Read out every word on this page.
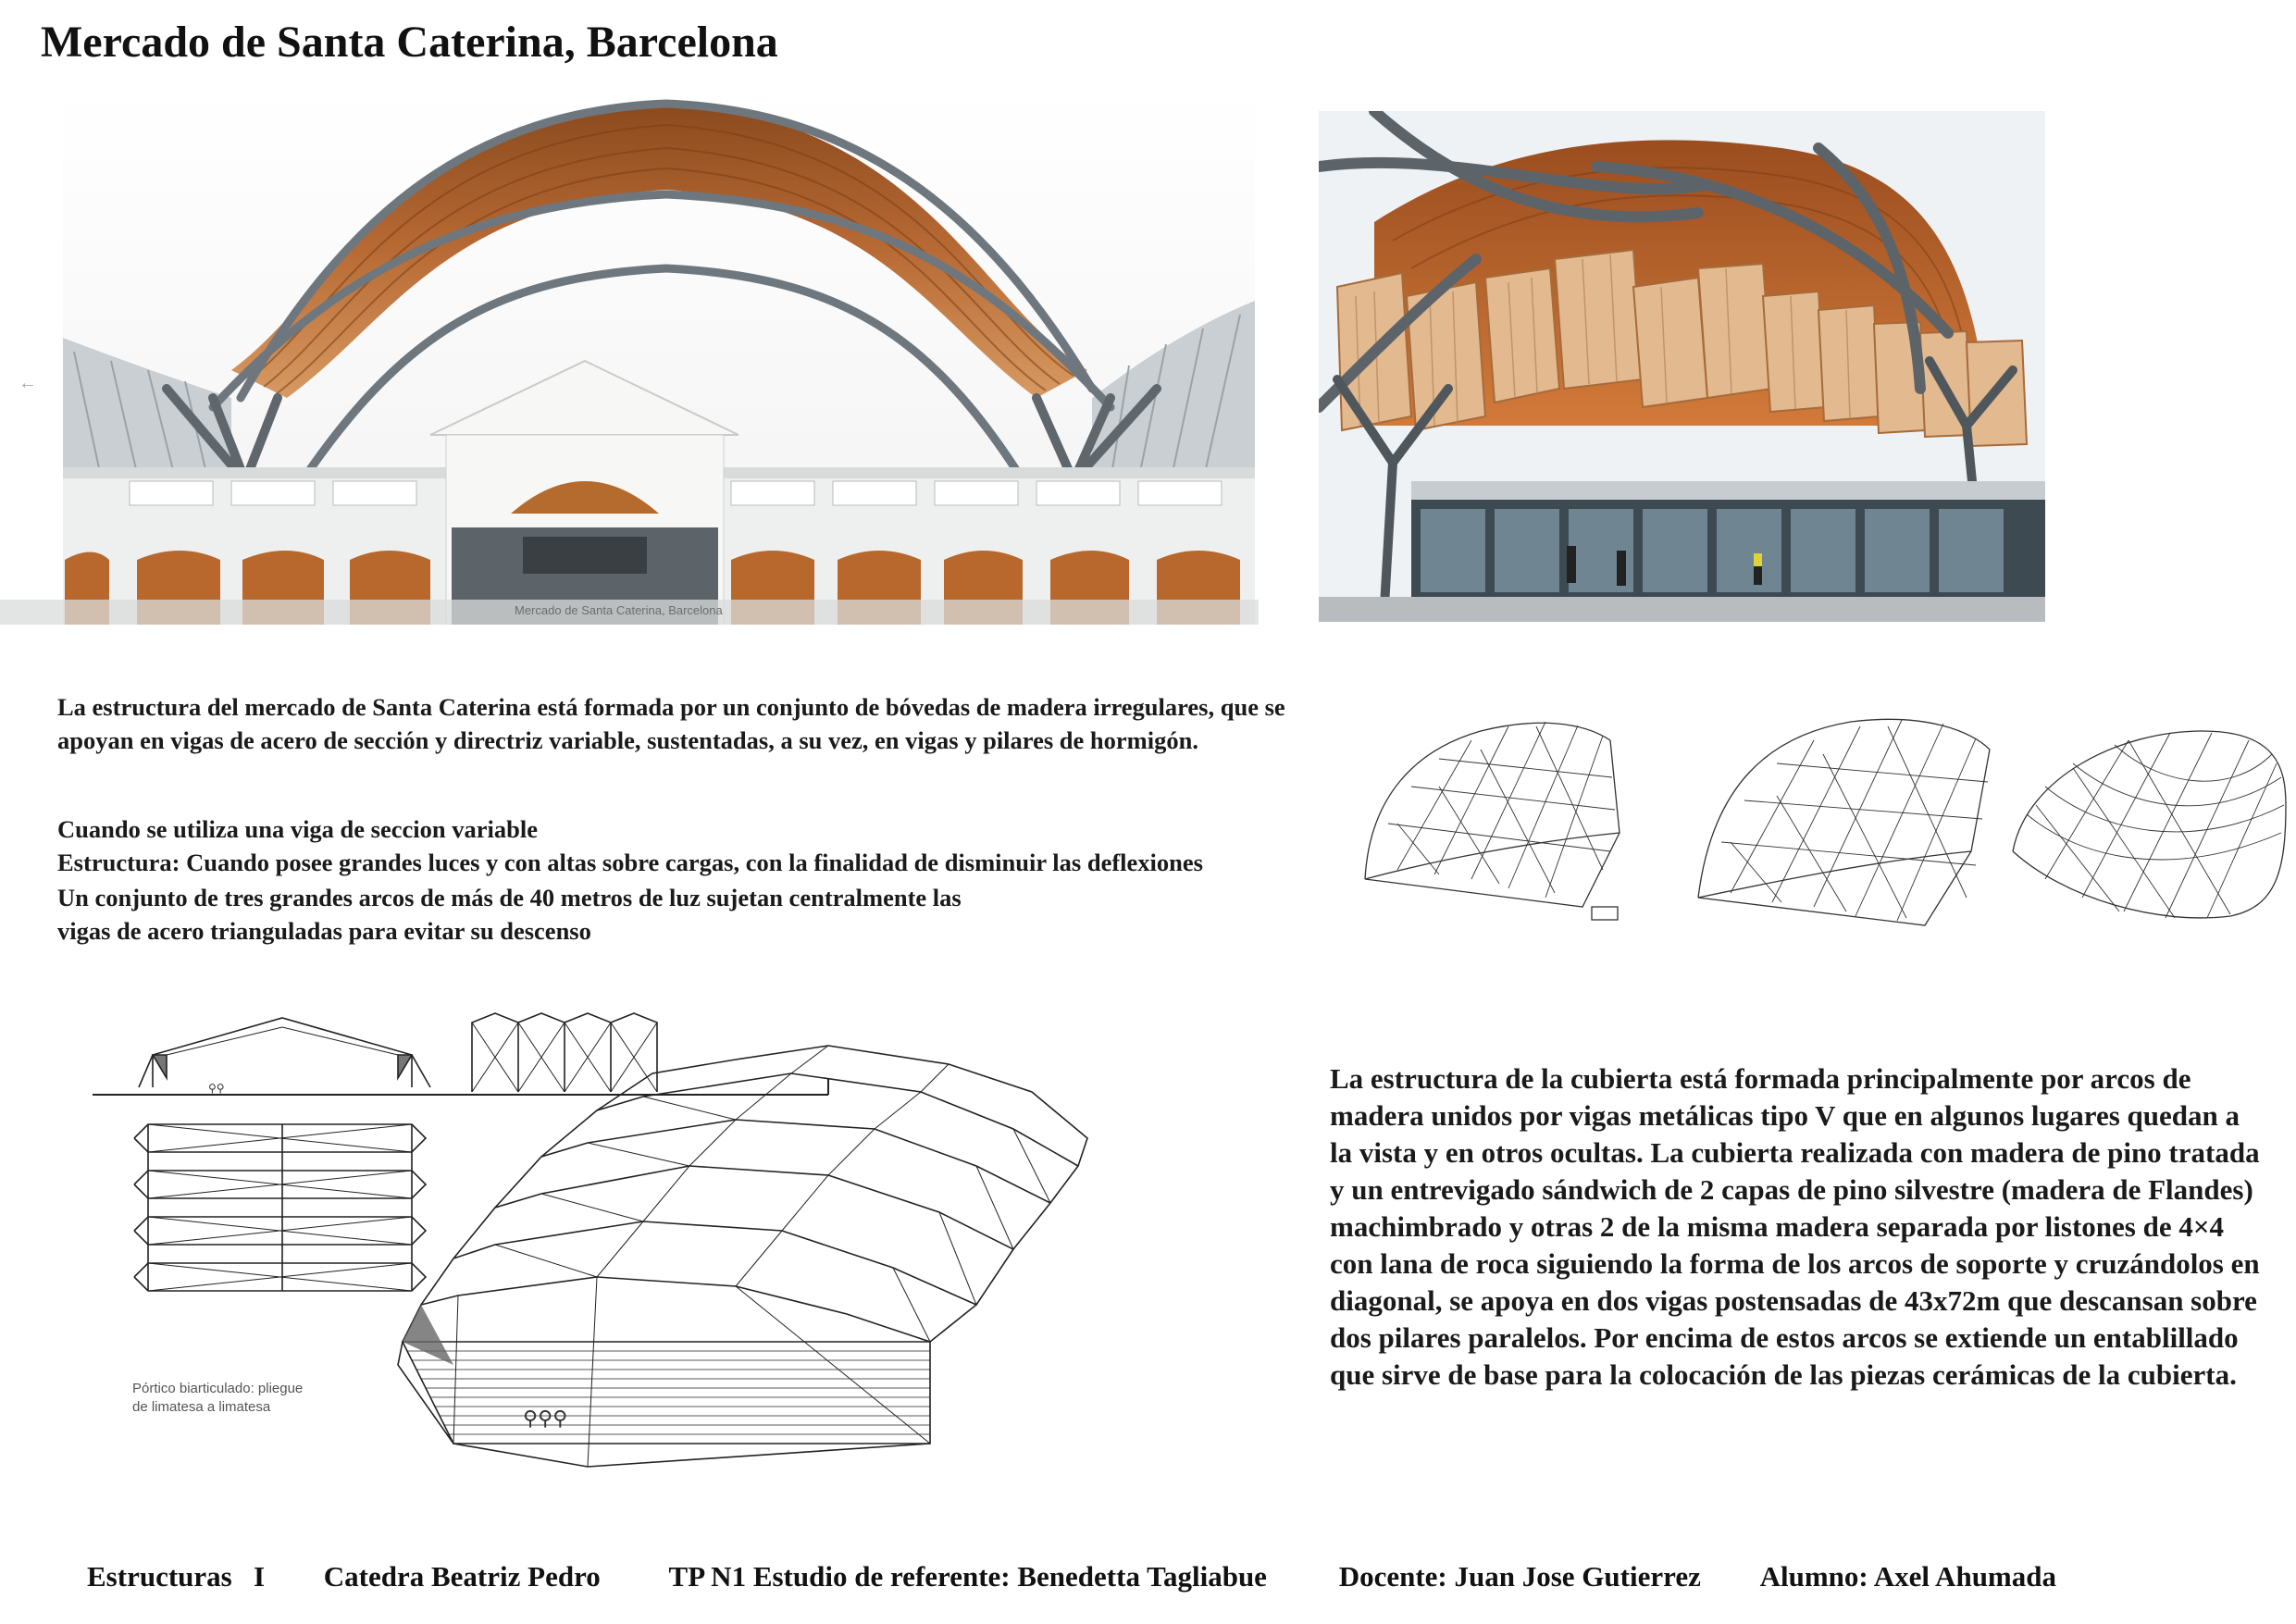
Mercado de Santa Caterina, Barcelona
←
Mercado de Santa Caterina, Barcelona
La estructura del mercado de Santa Caterina está formada por un conjunto de bóvedas de madera irregulares, que se apoyan en vigas de acero de sección y directriz variable, sustentadas, a su vez, en vigas y pilares de hormigón.
Cuando se utiliza una viga de seccion variable
Estructura: Cuando posee grandes luces y con altas sobre cargas, con la finalidad de disminuir las deflexiones
Un conjunto de tres grandes arcos de más de 40 metros de luz sujetan centralmente las
vigas de acero trianguladas para evitar su descenso
⚲⚲
⚲⚲⚲
Pórtico biarticulado: pliegue
de limatesa a limatesa
La estructura de la cubierta está formada principalmente por arcos de madera unidos por vigas metálicas tipo V que en algunos lugares quedan a la vista y en otros ocultas. La cubierta realizada con madera de pino tratada y un entrevigado sándwich de 2 capas de pino silvestre (madera de Flandes) machimbrado y otras 2 de la misma madera separada por listones de 4×4 con lana de roca siguiendo la forma de los arcos de soporte y cruzándolos en diagonal, se apoya en dos vigas postensadas de 43x72m que descansan sobre dos pilares paralelos. Por encima de estos arcos se extiende un entablillado que sirve de base para la colocación de las piezas cerámicas de la cubierta.
Estructuras   I Catedra Beatriz Pedro TP N1 Estudio de referente: Benedetta Tagliabue	Docente: Juan Jose Gutierrez Alumno: Axel Ahumada
